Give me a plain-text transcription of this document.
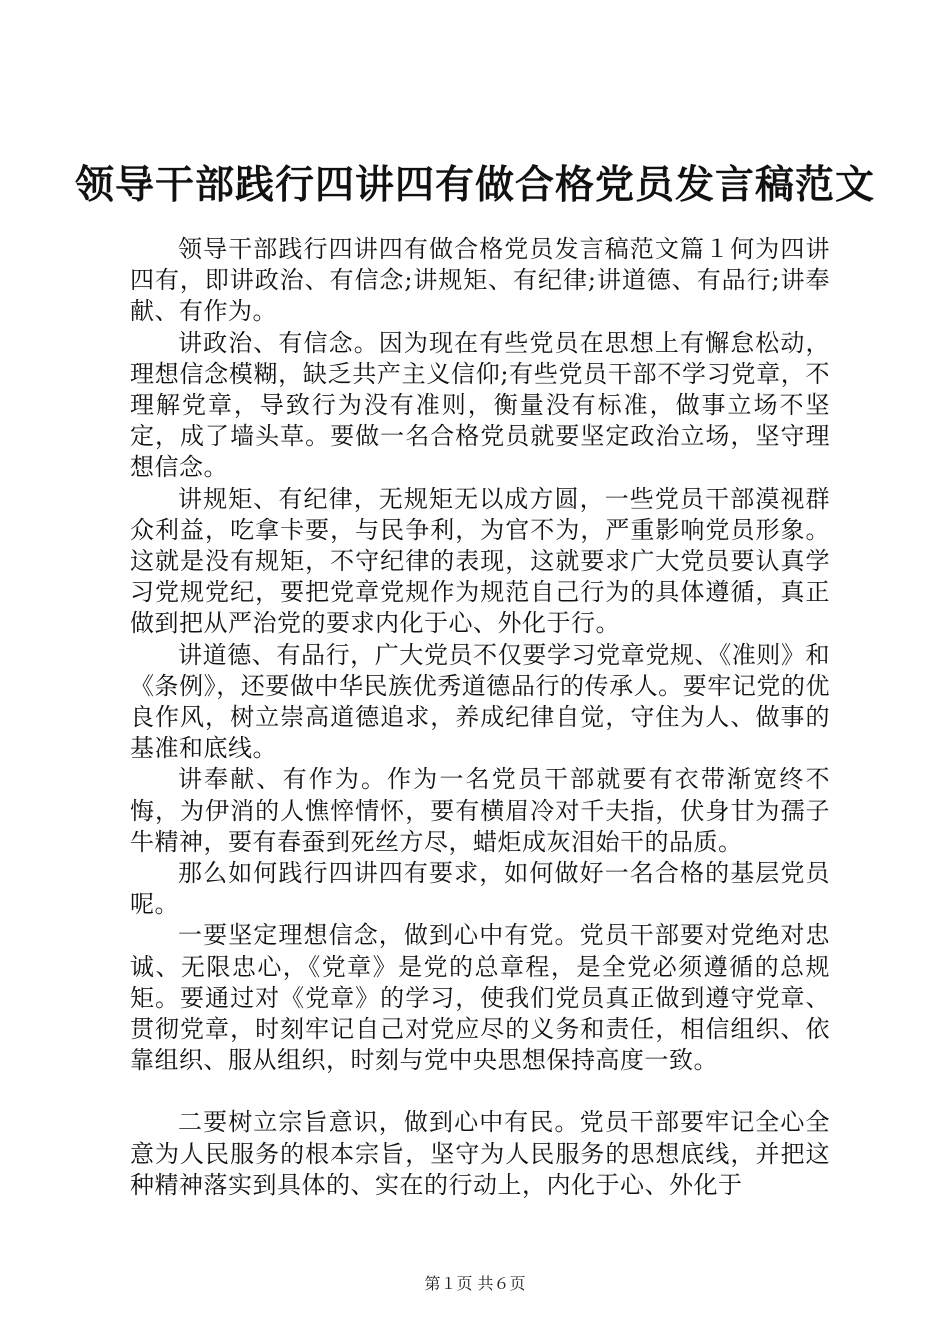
领导干部践行四讲四有做合格党员发言稿范文

领导干部践行四讲四有做合格党员发言稿范文篇１何为四讲四有，即讲政治、有信念;讲规矩、有纪律;讲道德、有品行;讲奉献、有作为。

讲政治、有信念。因为现在有些党员在思想上有懈怠松动，理想信念模糊，缺乏共产主义信仰;有些党员干部不学习党章，不理解党章，导致行为没有准则，衡量没有标准，做事立场不坚定，成了墙头草。要做一名合格党员就要坚定政治立场，坚守理想信念。

讲规矩、有纪律，无规矩无以成方圆，一些党员干部漠视群众利益，吃拿卡要，与民争利，为官不为，严重影响党员形象。这就是没有规矩，不守纪律的表现，这就要求广大党员要认真学习党规党纪，要把党章党规作为规范自己行为的具体遵循，真正做到把从严治党的要求内化于心、外化于行。

讲道德、有品行，广大党员不仅要学习党章党规、《准则》和《条例》，还要做中华民族优秀道德品行的传承人。要牢记党的优良作风，树立崇高道德追求，养成纪律自觉，守住为人、做事的基准和底线。

讲奉献、有作为。作为一名党员干部就要有衣带渐宽终不悔，为伊消的人憔悴情怀，要有横眉冷对千夫指，伏身甘为孺子牛精神，要有春蚕到死丝方尽，蜡炬成灰泪始干的品质。

那么如何践行四讲四有要求，如何做好一名合格的基层党员呢。

一要坚定理想信念，做到心中有党。党员干部要对党绝对忠诚、无限忠心，《党章》是党的总章程，是全党必须遵循的总规矩。要通过对《党章》的学习，使我们党员真正做到遵守党章、贯彻党章，时刻牢记自己对党应尽的义务和责任，相信组织、依靠组织、服从组织，时刻与党中央思想保持高度一致。

二要树立宗旨意识，做到心中有民。党员干部要牢记全心全意为人民服务的根本宗旨，坚守为人民服务的思想底线，并把这种精神落实到具体的、实在的行动上，内化于心、外化于

第１页 共６页
